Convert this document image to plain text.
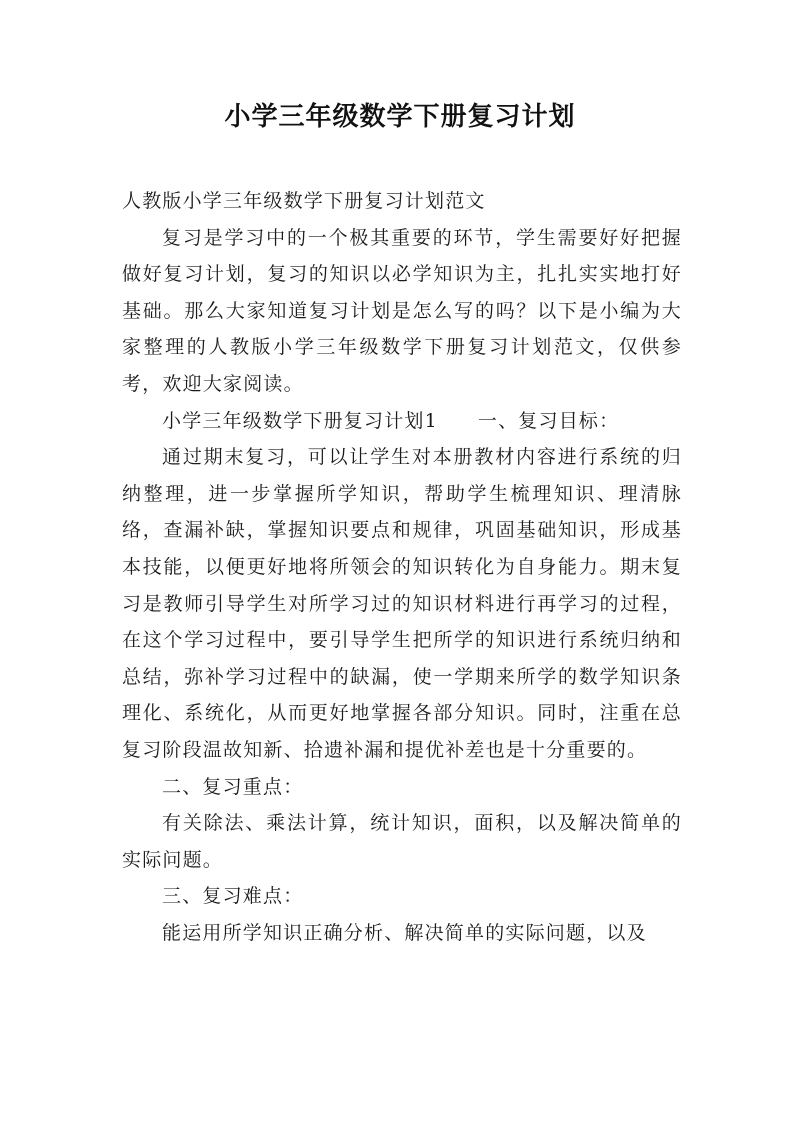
小学三年级数学下册复习计划

人教版小学三年级数学下册复习计划范文

复习是学习中的一个极其重要的环节，学生需要好好把握做好复习计划，复习的知识以必学知识为主，扎扎实实地打好基础。那么大家知道复习计划是怎么写的吗？以下是小编为大家整理的人教版小学三年级数学下册复习计划范文，仅供参考，欢迎大家阅读。

小学三年级数学下册复习计划1 一、复习目标：

通过期末复习，可以让学生对本册教材内容进行系统的归纳整理，进一步掌握所学知识，帮助学生梳理知识、理清脉络，查漏补缺，掌握知识要点和规律，巩固基础知识，形成基本技能，以便更好地将所领会的知识转化为自身能力。期末复习是教师引导学生对所学习过的知识材料进行再学习的过程，在这个学习过程中，要引导学生把所学的知识进行系统归纳和总结，弥补学习过程中的缺漏，使一学期来所学的数学知识条理化、系统化，从而更好地掌握各部分知识。同时，注重在总复习阶段温故知新、拾遗补漏和提优补差也是十分重要的。

二、复习重点：

有关除法、乘法计算，统计知识，面积，以及解决简单的实际问题。

三、复习难点：

能运用所学知识正确分析、解决简单的实际问题，以及
